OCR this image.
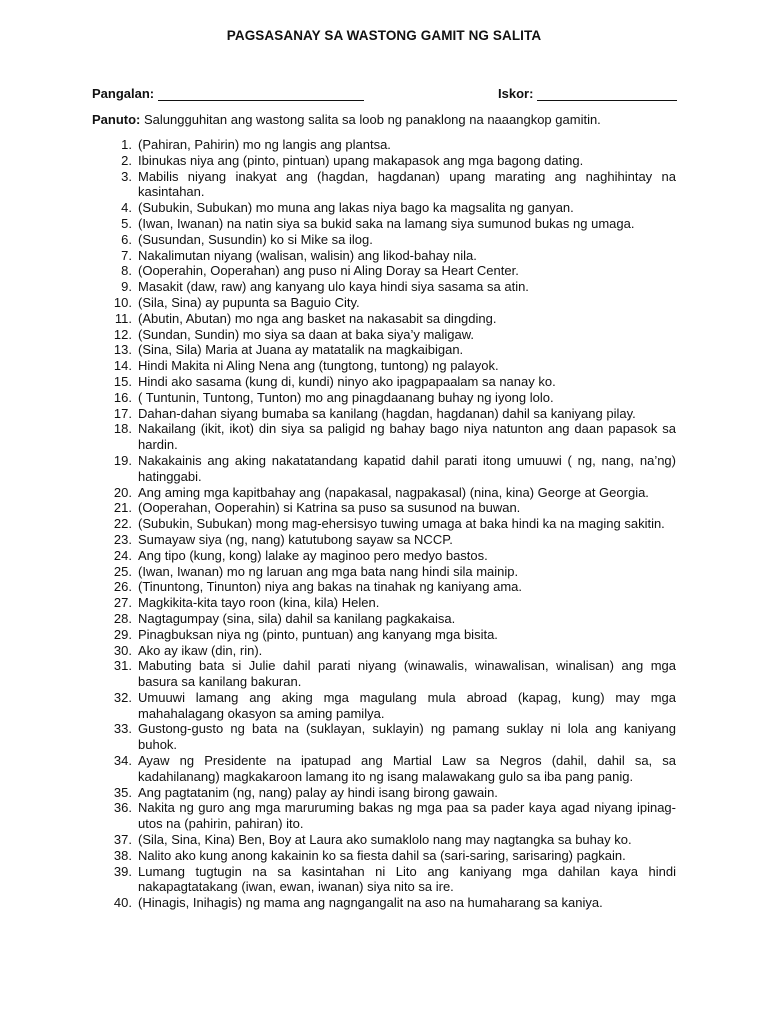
PAGSASANAY SA WASTONG GAMIT NG SALITA
Pangalan:	Iskor:
Panuto: Salungguhitan ang wastong salita sa loob ng panaklong na naaangkop gamitin.
1. (Pahiran, Pahirin) mo ng langis ang plantsa.
2. Ibinukas niya ang (pinto, pintuan) upang makapasok ang mga bagong dating.
3. Mabilis niyang inakyat ang (hagdan, hagdanan) upang marating ang naghihintay na kasintahan.
4. (Subukin, Subukan) mo muna ang lakas niya bago ka magsalita ng ganyan.
5. (Iwan, Iwanan) na natin siya sa bukid saka na lamang siya sumunod bukas ng umaga.
6. (Susundan, Susundin) ko si Mike sa ilog.
7. Nakalimutan niyang (walisan, walisin) ang likod-bahay nila.
8. (Ooperahin, Ooperahan) ang puso ni Aling Doray sa Heart Center.
9. Masakit (daw, raw) ang kanyang ulo kaya hindi siya sasama sa atin.
10. (Sila, Sina) ay pupunta sa Baguio City.
11. (Abutin, Abutan) mo nga ang basket na nakasabit sa dingding.
12. (Sundan, Sundin) mo siya sa daan at baka siya’y maligaw.
13. (Sina, Sila) Maria at Juana ay matatalik na magkaibigan.
14. Hindi Makita ni Aling Nena ang (tungtong, tuntong) ng palayok.
15. Hindi ako sasama (kung di, kundi) ninyo ako ipagpapaalam sa nanay ko.
16. ( Tuntunin, Tuntong, Tunton) mo ang pinagdaanang buhay ng iyong lolo.
17. Dahan-dahan siyang bumaba sa kanilang (hagdan, hagdanan) dahil sa kaniyang pilay.
18. Nakailang (ikit, ikot) din siya sa paligid ng bahay bago niya natunton ang daan papasok sa hardin.
19. Nakakainis ang aking nakatatandang kapatid dahil parati itong umuuwi ( ng, nang, na’ng) hatinggabi.
20. Ang aming mga kapitbahay ang (napakasal, nagpakasal) (nina, kina) George at Georgia.
21. (Ooperahan, Ooperahin) si Katrina sa puso sa susunod na buwan.
22. (Subukin, Subukan) mong mag-ehersisyo tuwing umaga at baka hindi ka na maging sakitin.
23. Sumayaw siya (ng, nang) katutubong sayaw sa NCCP.
24. Ang tipo (kung, kong) lalake ay maginoo pero medyo bastos.
25. (Iwan, Iwanan) mo ng laruan ang mga bata nang hindi sila mainip.
26. (Tinuntong, Tinunton) niya ang bakas na tinahak ng kaniyang ama.
27. Magkikita-kita tayo roon (kina, kila) Helen.
28. Nagtagumpay (sina, sila) dahil sa kanilang pagkakaisa.
29. Pinagbuksan niya ng (pinto, puntuan) ang kanyang mga bisita.
30. Ako ay ikaw (din, rin).
31. Mabuting bata si Julie dahil parati niyang (winawalis, winawalisan, winalisan) ang mga basura sa kanilang bakuran.
32. Umuuwi lamang ang aking mga magulang mula abroad (kapag, kung) may mga mahahalagang okasyon sa aming pamilya.
33. Gustong-gusto ng bata na (suklayan, suklayin) ng pamang suklay ni lola ang kaniyang buhok.
34. Ayaw ng Presidente na ipatupad ang Martial Law sa Negros (dahil, dahil sa, sa kadahilanang) magkakaroon lamang ito ng isang malawakang gulo sa iba pang panig.
35. Ang pagtatanim (ng, nang) palay ay hindi isang birong gawain.
36. Nakita ng guro ang mga maruruming bakas ng mga paa sa pader kaya agad niyang ipinag-utos na (pahirin, pahiran) ito.
37. (Sila, Sina, Kina) Ben, Boy at Laura ako sumaklolo nang may nagtangka sa buhay ko.
38. Nalito ako kung anong kakainin ko sa fiesta dahil sa (sari-saring, sarisaring) pagkain.
39. Lumang tugtugin na sa kasintahan ni Lito ang kaniyang mga dahilan kaya hindi nakapagtatakang (iwan, ewan, iwanan) siya nito sa ire.
40. (Hinagis, Inihagis) ng mama ang nagngangalit na aso na humaharang sa kaniya.
